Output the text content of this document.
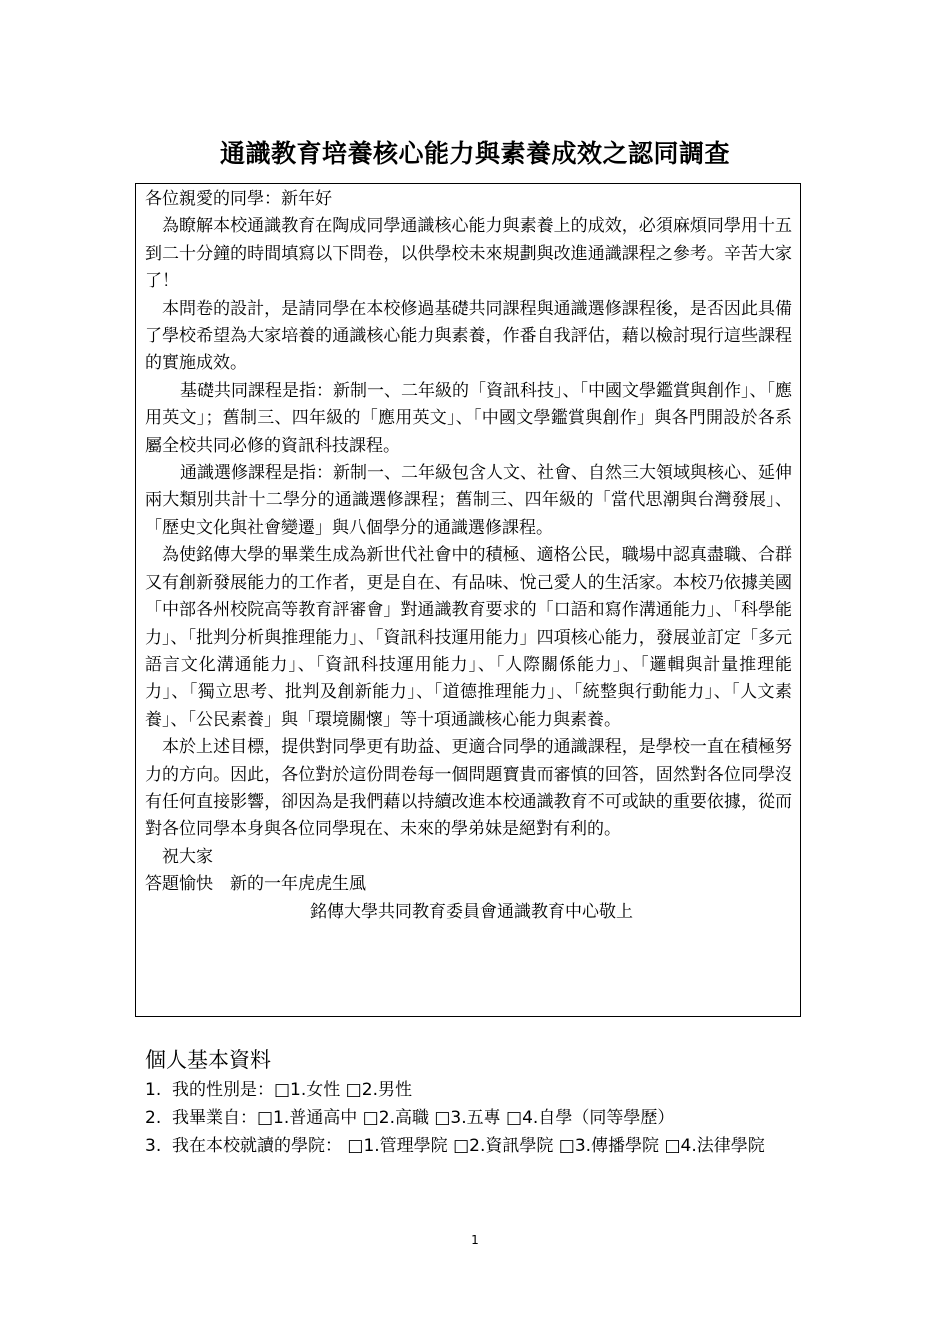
通識教育培養核心能力與素養成效之認同調查

各位親愛的同學：新年好

為瞭解本校通識教育在陶成同學通識核心能力與素養上的成效，必須麻煩同學用十五到二十分鐘的時間填寫以下問卷，以供學校未來規劃與改進通識課程之參考。辛苦大家了！

本問卷的設計，是請同學在本校修過基礎共同課程與通識選修課程後，是否因此具備了學校希望為大家培養的通識核心能力與素養，作番自我評估，藉以檢討現行這些課程的實施成效。

基礎共同課程是指：新制一、二年級的「資訊科技」、「中國文學鑑賞與創作」、「應用英文」；舊制三、四年級的「應用英文」、「中國文學鑑賞與創作」與各門開設於各系屬全校共同必修的資訊科技課程。

通識選修課程是指：新制一、二年級包含人文、社會、自然三大領域與核心、延伸兩大類別共計十二學分的通識選修課程；舊制三、四年級的「當代思潮與台灣發展」、「歷史文化與社會變遷」與八個學分的通識選修課程。

為使銘傳大學的畢業生成為新世代社會中的積極、適格公民，職場中認真盡職、合群又有創新發展能力的工作者，更是自在、有品味、悅己愛人的生活家。本校乃依據美國「中部各州校院高等教育評審會」對通識教育要求的「口語和寫作溝通能力」、「科學能力」、「批判分析與推理能力」、「資訊科技運用能力」四項核心能力，發展並訂定「多元語言文化溝通能力」、「資訊科技運用能力」、「人際關係能力」、「邏輯與計量推理能力」、「獨立思考、批判及創新能力」、「道德推理能力」、「統整與行動能力」、「人文素養」、「公民素養」與「環境關懷」等十項通識核心能力與素養。

本於上述目標，提供對同學更有助益、更適合同學的通識課程，是學校一直在積極努力的方向。因此，各位對於這份問卷每一個問題寶貴而審慎的回答，固然對各位同學沒有任何直接影響，卻因為是我們藉以持續改進本校通識教育不可或缺的重要依據，從而對各位同學本身與各位同學現在、未來的學弟妹是絕對有利的。

祝大家

答題愉快　新的一年虎虎生風

銘傳大學共同教育委員會通識教育中心敬上

個人基本資料
1. 我的性別是：□1.女性 □2.男性
2. 我畢業自：□1.普通高中 □2.高職 □3.五專 □4.自學（同等學歷）
3. 我在本校就讀的學院： □1.管理學院 □2.資訊學院 □3.傳播學院 □4.法律學院
1
